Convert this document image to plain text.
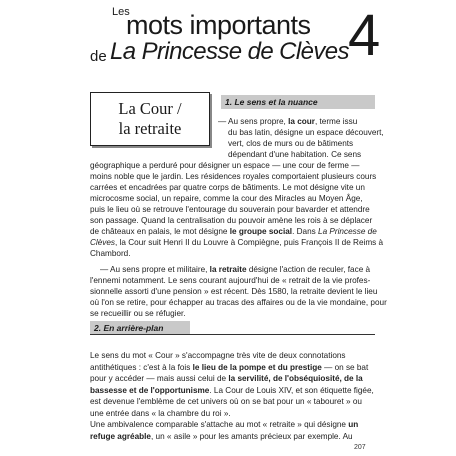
Les
mots importants
de La Princesse de Clèves 4
La Cour /
la retraite
1. Le sens et la nuance
— Au sens propre, la cour, terme issu
du bas latin, désigne un espace découvert,
vert, clos de murs ou de bâtiments
dépendant d'une habitation. Ce sens
géographique a perduré pour désigner un espace — une cour de ferme —
moins noble que le jardin. Les résidences royales comportaient plusieurs cours
carrées et encadrées par quatre corps de bâtiments. Le mot désigne vite un
microcosme social, un repaire, comme la cour des Miracles au Moyen Âge,
puis le lieu où se retrouve l'entourage du souverain pour bavarder et attendre
son passage. Quand la centralisation du pouvoir amène les rois à se déplacer
de châteaux en palais, le mot désigne le groupe social. Dans La Princesse de
Clèves, la Cour suit Henri II du Louvre à Compiègne, puis François II de Reims à
Chambord.
— Au sens propre et militaire, la retraite désigne l'action de reculer, face à
l'ennemi notamment. Le sens courant aujourd'hui de « retrait de la vie profes-
sionnelle assorti d'une pension » est récent. Dès 1580, la retraite devient le lieu
où l'on se retire, pour échapper au tracas des affaires ou de la vie mondaine, pour
se recueillir ou se réfugier.
2. En arrière-plan
Le sens du mot « Cour » s'accompagne très vite de deux connotations
antithétiques : c'est à la fois le lieu de la pompe et du prestige — on se bat
pour y accéder — mais aussi celui de la servilité, de l'obséquiosité, de la
bassesse et de l'opportunisme. La Cour de Louis XIV, et son étiquette figée,
est devenue l'emblème de cet univers où on se bat pour un « tabouret » ou
une entrée dans « la chambre du roi ».
Une ambivalence comparable s'attache au mot « retraite » qui désigne un
refuge agréable, un « asile » pour les amants précieux par exemple. Au
207
